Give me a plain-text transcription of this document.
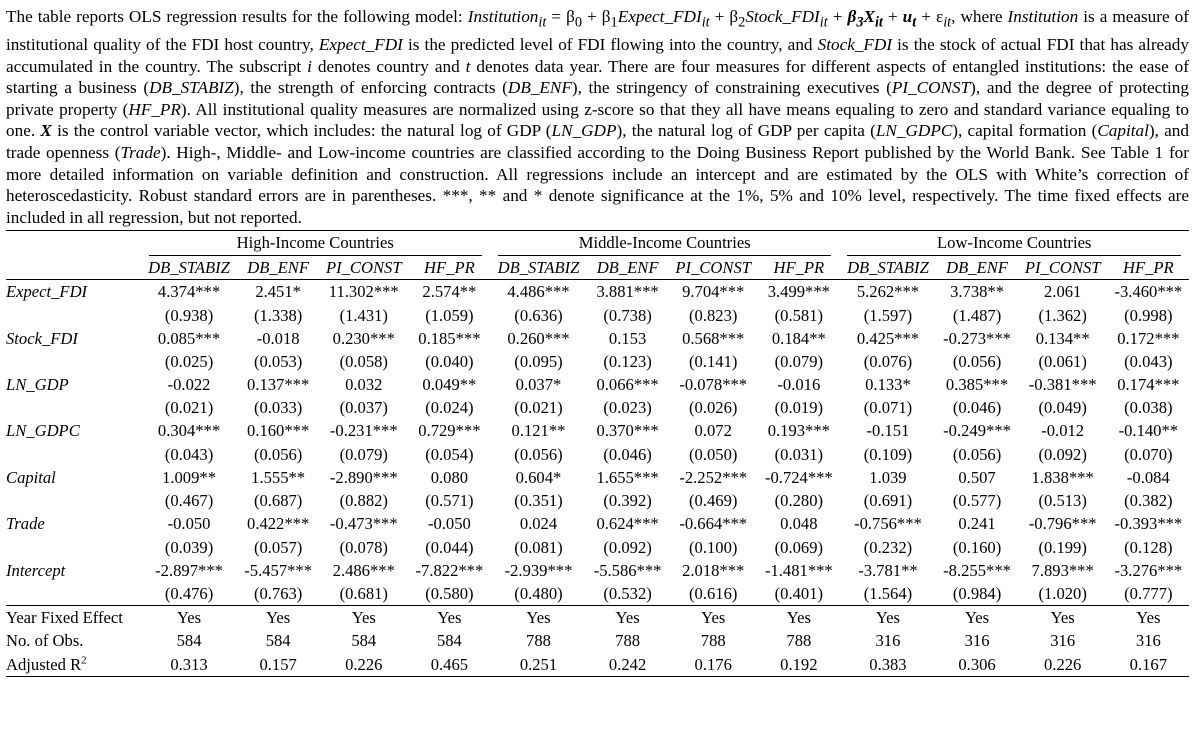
The table reports OLS regression results for the following model: Institution$_{it}$ = $\beta_0$ + $\beta_1Expect\_FDI_{it}$ + $\beta_2Stock\_FDI_{it} + \beta_3X_{it} + u_t + \varepsilon_{it}$, where Institution is a measure of institutional quality of the FDI host country, Expect_FDI is the predicted level of FDI flowing into the country, and Stock_FDI is the stock of actual FDI that has already accumulated in the country. The subscript i denotes country and t denotes data year. There are four measures for different aspects of entangled institutions: the ease of starting a business (DB_STABIZ), the strength of enforcing contracts (DB_ENF), the stringency of constraining executives (PI_CONST), and the degree of protecting private property (HF_PR). All institutional quality measures are normalized using z-score so that they all have means equaling to zero and standard variance equaling to one. X is the control variable vector, which includes: the natural log of GDP (LN_GDP), the natural log of GDP per capita (LN_GDPC), capital formation (Capital), and trade openness (Trade). High-, Middle- and Low-income countries are classified according to the Doing Business Report published by the World Bank. See Table 1 for more detailed information on variable definition and construction. All regressions include an intercept and are estimated by the OLS with White’s correction of heteroscedasticity. Robust standard errors are in parentheses. ***, ** and * denote significance at the 1%, 5% and 10% level, respectively. The time fixed effects are included in all regression, but not reported.

	High-Income Countries				Middle-Income Countries				Low-Income Countries			

	DB_STABIZ	DB_ENF	PI_CONST	HF_PR	DB_STABIZ	DB_ENF	PI_CONST	HF_PR	DB_STABIZ	DB_ENF	PI_CONST	HF_PR
Expect_FDI	4.374***	2.451*	11.302***	2.574**	4.486***	3.881***	9.704***	3.499***	5.262***	3.738**	2.061	-3.460***
	(0.938)	(1.338)	(1.431)	(1.059)	(0.636)	(0.738)	(0.823)	(0.581)	(1.597)	(1.487)	(1.362)	(0.998)
Stock_FDI	0.085***	-0.018	0.230***	0.185***	0.260***	0.153	0.568***	0.184**	0.425***	-0.273***	0.134**	0.172***
	(0.025)	(0.053)	(0.058)	(0.040)	(0.095)	(0.123)	(0.141)	(0.079)	(0.076)	(0.056)	(0.061)	(0.043)
LN_GDP	-0.022	0.137***	0.032	0.049**	0.037*	0.066***	-0.078***	-0.016	0.133*	0.385***	-0.381***	0.174***
	(0.021)	(0.033)	(0.037)	(0.024)	(0.021)	(0.023)	(0.026)	(0.019)	(0.071)	(0.046)	(0.049)	(0.038)
LN_GDPC	0.304***	0.160***	-0.231***	0.729***	0.121**	0.370***	0.072	0.193***	-0.151	-0.249***	-0.012	-0.140**
	(0.043)	(0.056)	(0.079)	(0.054)	(0.056)	(0.046)	(0.050)	(0.031)	(0.109)	(0.056)	(0.092)	(0.070)
Capital	1.009**	1.555**	-2.890***	0.080	0.604*	1.655***	-2.252***	-0.724***	1.039	0.507	1.838***	-0.084
	(0.467)	(0.687)	(0.882)	(0.571)	(0.351)	(0.392)	(0.469)	(0.280)	(0.691)	(0.577)	(0.513)	(0.382)
Trade	-0.050	0.422***	-0.473***	-0.050	0.024	0.624***	-0.664***	0.048	-0.756***	0.241	-0.796***	-0.393***
	(0.039)	(0.057)	(0.078)	(0.044)	(0.081)	(0.092)	(0.100)	(0.069)	(0.232)	(0.160)	(0.199)	(0.128)
Intercept	-2.897***	-5.457***	2.486***	-7.822***	-2.939***	-5.586***	2.018***	-1.481***	-3.781**	-8.255***	7.893***	-3.276***
	(0.476)	(0.763)	(0.681)	(0.580)	(0.480)	(0.532)	(0.616)	(0.401)	(1.564)	(0.984)	(1.020)	(0.777)
Year Fixed Effect	Yes	Yes	Yes	Yes	Yes	Yes	Yes	Yes	Yes	Yes	Yes	Yes
No. of Obs.	584	584	584	584	788	788	788	788	316	316	316	316
Adjusted $R^2$	0.313	0.157	0.226	0.465	0.251	0.242	0.176	0.192	0.383	0.306	0.226	0.167
